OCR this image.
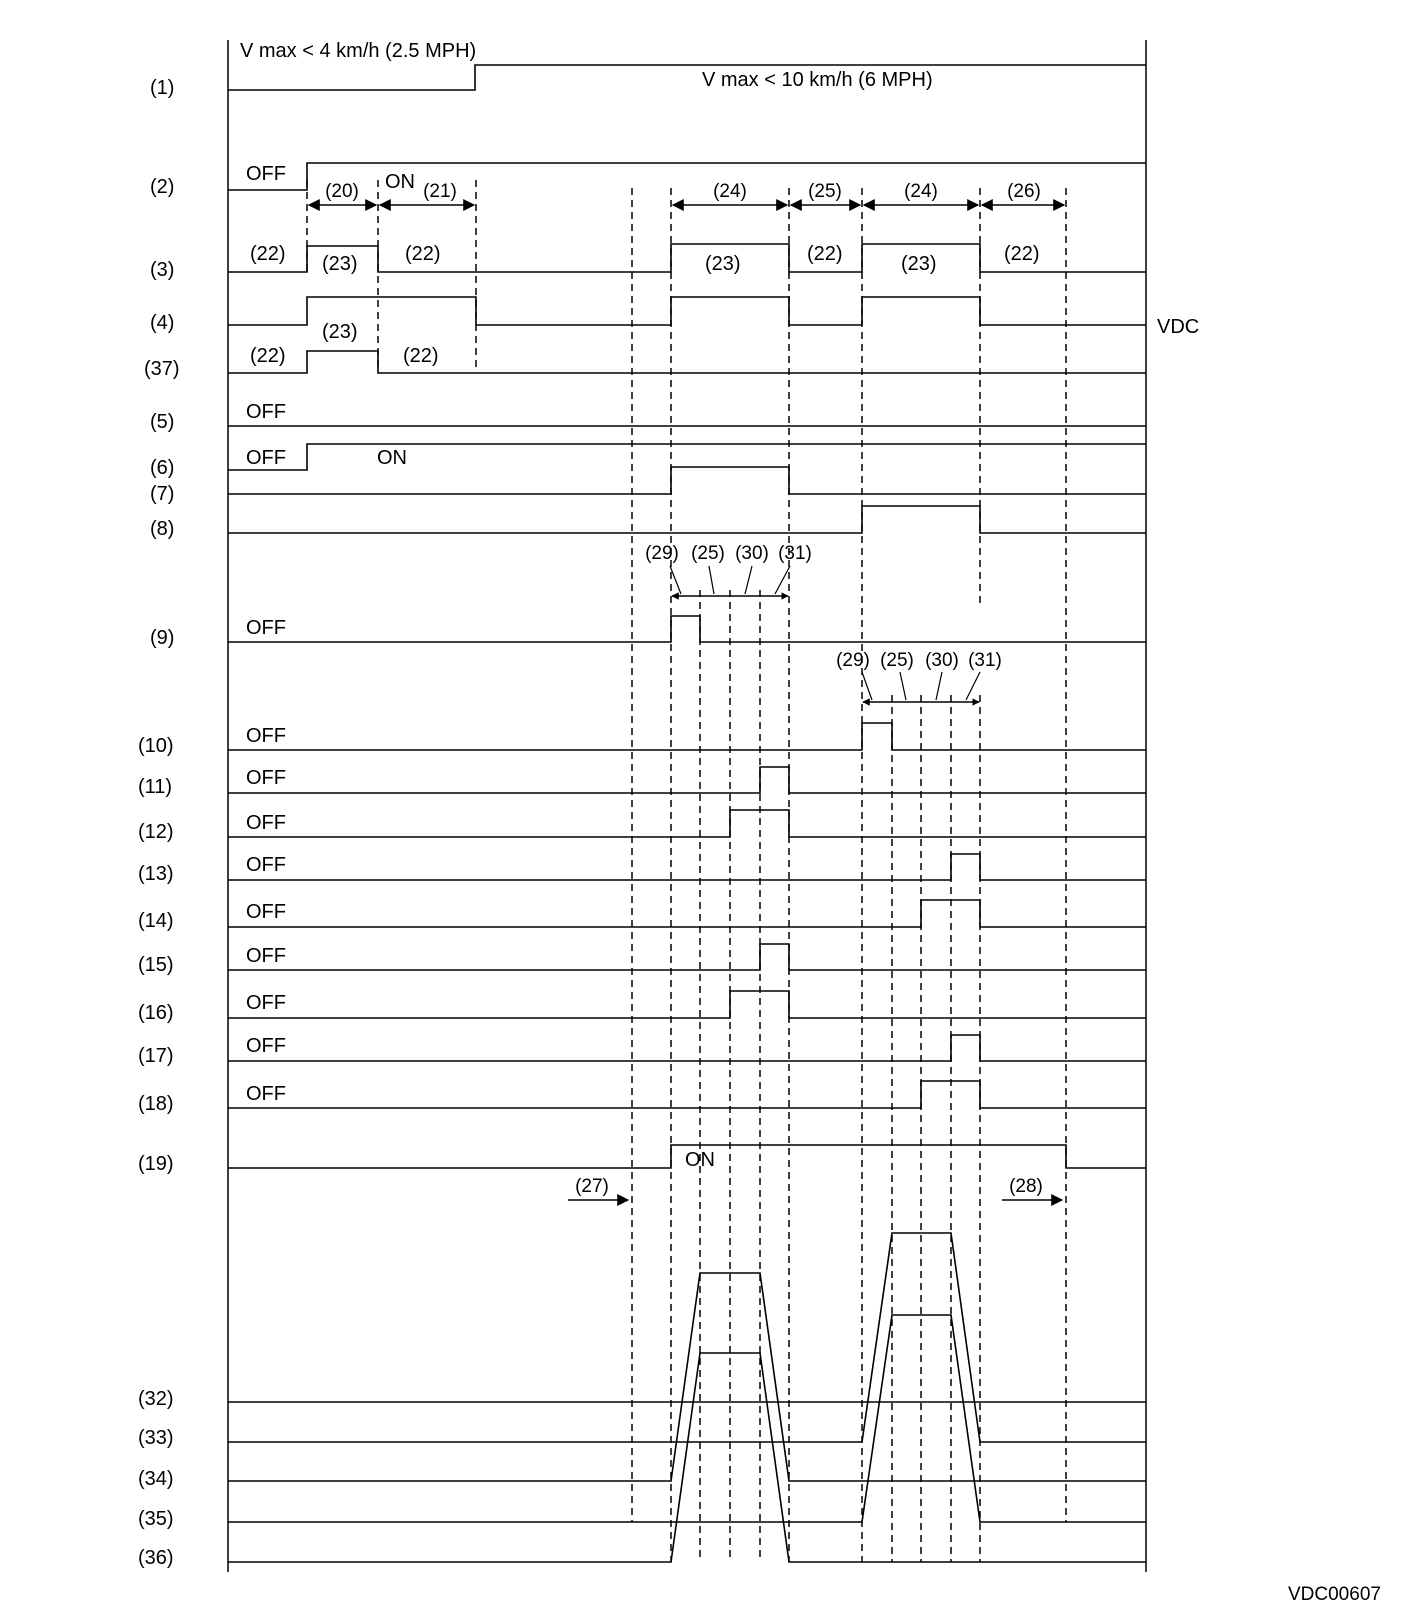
(1)
(2)
(3)
(4)
(37)
(5)
(6)
(7)
(8)
(9)
(10)
(11)
(12)
(13)
(14)
(15)
(16)
(17)
(18)
(19)
(32)
(33)
(34)
(35)
(36)
V max < 4 km/h (2.5 MPH)
V max < 10 km/h (6 MPH)
VDC
VDC00607
(20)	(21)	(24)	(25)	(24)	(26)
(29) (25) (30) (31)
(29) (25) (30) (31)
(27)	(28)
OFF	ON
(22) (23) (22)	(23)	(22)	(23)	(22)
(23)
(22)	(22)
OFF
OFF	ON
OFF
OFF
OFF
OFF
OFF
OFF
OFF
OFF
OFF
OFF
ON
